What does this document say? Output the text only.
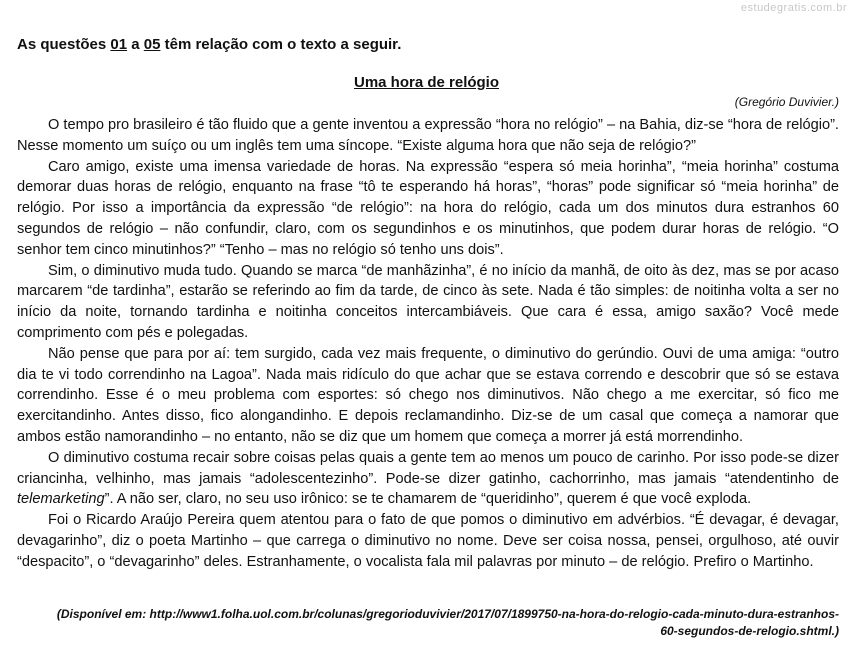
estudegratis.com.br
As questões 01 a 05 têm relação com o texto a seguir.
Uma hora de relógio
(Gregório Duvivier.)

O tempo pro brasileiro é tão fluido que a gente inventou a expressão “hora no relógio” – na Bahia, diz-se “hora de relógio”. Nesse momento um suíço ou um inglês tem uma síncope. “Existe alguma hora que não seja de relógio?”

Caro amigo, existe uma imensa variedade de horas. Na expressão “espera só meia horinha”, “meia horinha” costuma demorar duas horas de relógio, enquanto na frase “tô te esperando há horas”, “horas” pode significar só “meia horinha” de relógio. Por isso a importância da expressão “de relógio”: na hora do relógio, cada um dos minutos dura estranhos 60 segundos de relógio – não confundir, claro, com os segundinhos e os minutinhos, que podem durar horas de relógio. “O senhor tem cinco minutinhos?” “Tenho – mas no relógio só tenho uns dois”.

Sim, o diminutivo muda tudo. Quando se marca “de manhãzinha”, é no início da manhã, de oito às dez, mas se por acaso marcarem “de tardinha”, estarão se referindo ao fim da tarde, de cinco às sete. Nada é tão simples: de noitinha volta a ser no início da noite, tornando tardinha e noitinha conceitos intercambiáveis. Que cara é essa, amigo saxão? Você mede comprimento com pés e polegadas.

Não pense que para por aí: tem surgido, cada vez mais frequente, o diminutivo do gerúndio. Ouvi de uma amiga: “outro dia te vi todo correndinho na Lagoa”. Nada mais ridículo do que achar que se estava correndo e descobrir que só se estava correndinho. Esse é o meu problema com esportes: só chego nos diminutivos. Não chego a me exercitar, só fico me exercitandinho. Antes disso, fico alongandinho. E depois reclamandinho. Diz-se de um casal que começa a namorar que ambos estão namorandinho – no entanto, não se diz que um homem que começa a morrer já está morrendinho.

O diminutivo costuma recair sobre coisas pelas quais a gente tem ao menos um pouco de carinho. Por isso pode-se dizer criancinha, velhinho, mas jamais “adolescentezinho”. Pode-se dizer gatinho, cachorrinho, mas jamais “atendentinho de telemarketing”. A não ser, claro, no seu uso irônico: se te chamarem de “queridinho”, querem é que você exploda.

Foi o Ricardo Araújo Pereira quem atentou para o fato de que pomos o diminutivo em advérbios. “É devagar, é devagar, devagarinho”, diz o poeta Martinho – que carrega o diminutivo no nome. Deve ser coisa nossa, pensei, orgulhoso, até ouvir “despacito”, o “devagarinho” deles. Estranhamente, o vocalista fala mil palavras por minuto – de relógio. Prefiro o Martinho.

(Disponível em: http://www1.folha.uol.com.br/colunas/gregorioduvivier/2017/07/1899750-na-hora-do-relogio-cada-minuto-dura-estranhos-
60-segundos-de-relogio.shtml.)
